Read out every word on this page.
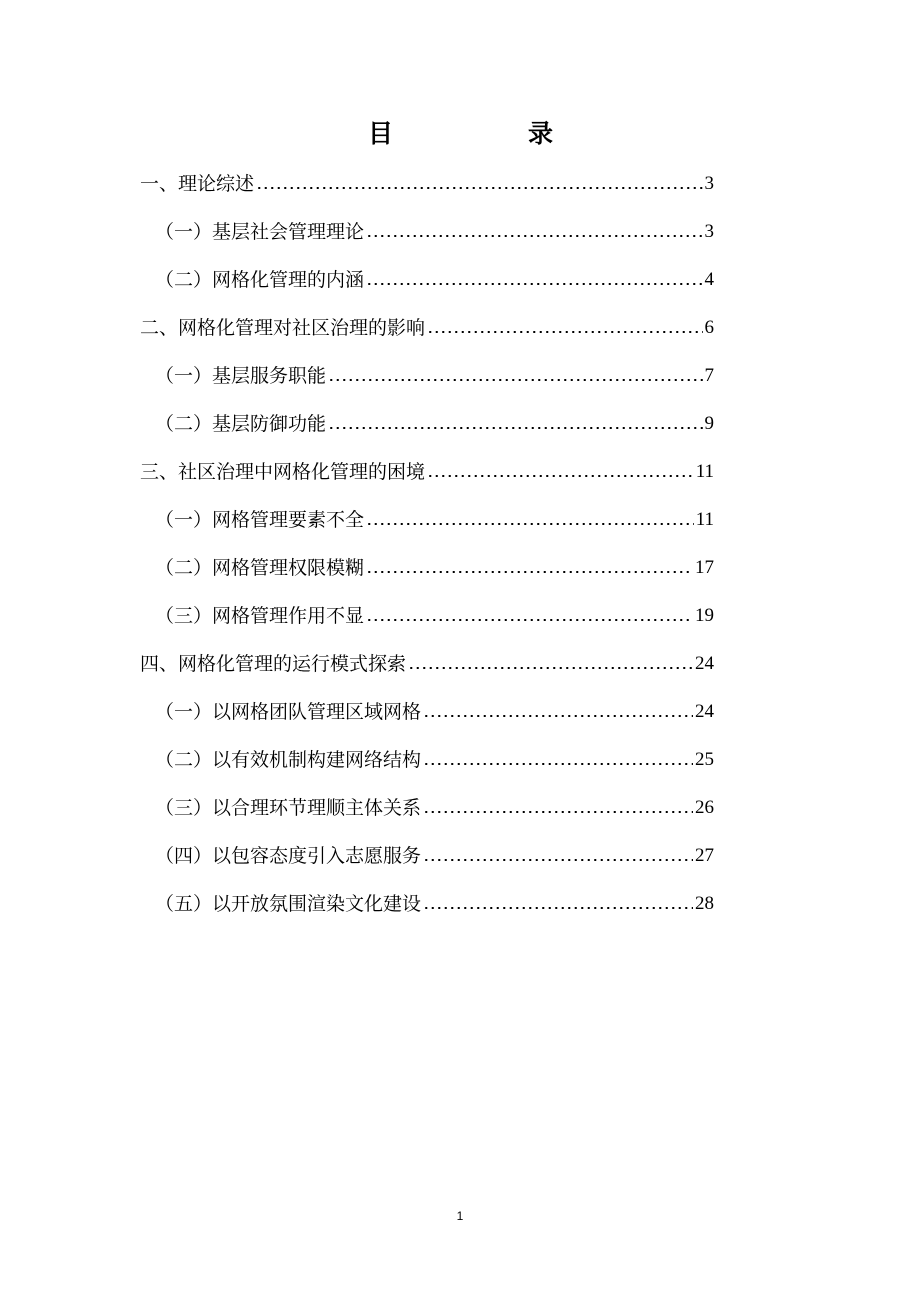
目	录
一、理论综述	3
（一）基层社会管理理论	3
（二）网格化管理的内涵	4
二、网格化管理对社区治理的影响	6
（一）基层服务职能	7
（二）基层防御功能	9
三、社区治理中网格化管理的困境	11
（一）网格管理要素不全	11
（二）网格管理权限模糊	17
（三）网格管理作用不显	19
四、网格化管理的运行模式探索	24
（一）以网格团队管理区域网格	24
（二）以有效机制构建网络结构	25
（三）以合理环节理顺主体关系	26
（四）以包容态度引入志愿服务	27
（五）以开放氛围渲染文化建设	28
1
